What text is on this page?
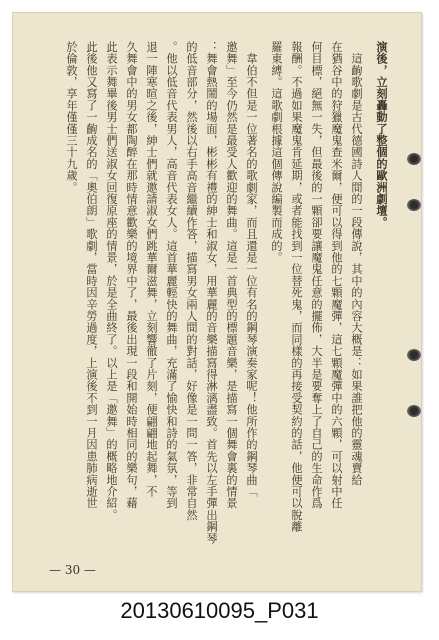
演後，立刻轟動了整個的歐洲劇壇。
　這齣歌劇是古代德國詩人間的一段傳說，其中的內容大概是：如果誰把他的靈魂賣給
在猶谷中的狩獵魔鬼查米爾，便可以得到他的七顆魔彈，這七顆魔彈中的六顆，可以射中任
何目標，絕無一失，但最後的一顆卻要讓魔鬼任意的擺佈，大半是要奪上了自己的生命作爲
報酬。不過如果魔鬼肯延期，或者能找到一位替死鬼，而同樣的再接受契約的話，他便可以脫離
羅東縛。這歌劇根據這個傳說編製而成的。
　韋伯不但是一位著名的歌劇家，而且還是一位有名的鋼琴演奏家呢！他所作的鋼琴曲「
邀舞」至今仍然是最受人歡迎的舞曲。這是一首典型的標題音樂，是描寫一個舞會裏的情景
：舞會熱鬧的場面，彬彬有禮的紳士和淑女，用華麗的音樂描寫得淋漓盡致。首先以左手彈出鋼琴
的低音部分，然後以右手高音繼續作答，描寫男女兩人間的對話，好像是一問一答，非常自然
。他以低音代表男人，高音代表女人。這首華麗輕快的舞曲，充滿了愉快和詩的氣氛，等到
退一陣寒暄之後，紳士們就邀請淑女們跳華爾滋舞，立刻響徹了片刻，便翩翩地起舞，不
久舞會中的男女都陶醉在那時情意歡樂的境界中了，最後出現一段和開始時相同的樂句，藉
此表示舞畢後男士們送淑女回復原座的情景，於是全曲終了。以上是「邀舞」的概略地介紹。
此後他又寫了一齣成名的「奧伯朗」歌劇，當時因辛勞過度，上演後不到一月因患肺病逝世
於倫敦，享年僅僅三十九歲。
— 30 —
20130610095_P031
